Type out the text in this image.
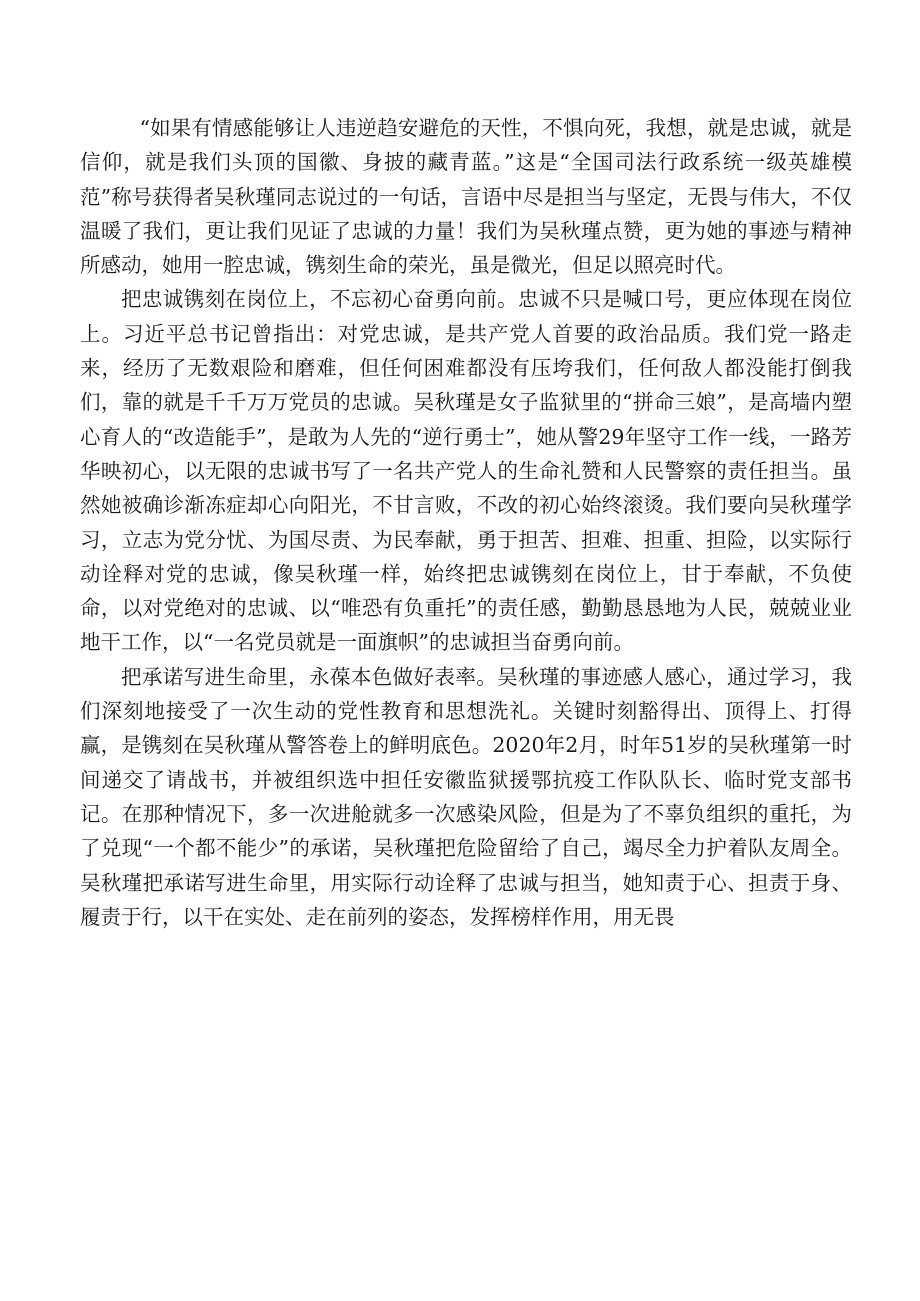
“如果有情感能够让人违逆趋安避危的天性，不惧向死，我想，就是忠诚，就是信仰，就是我们头顶的国徽、身披的藏青蓝。”这是“全国司法行政系统一级英雄模范”称号获得者吴秋瑾同志说过的一句话，言语中尽是担当与坚定，无畏与伟大，不仅温暖了我们，更让我们见证了忠诚的力量！我们为吴秋瑾点赞，更为她的事迹与精神所感动，她用一腔忠诚，镌刻生命的荣光，虽是微光，但足以照亮时代。

把忠诚镌刻在岗位上，不忘初心奋勇向前。忠诚不只是喊口号，更应体现在岗位上。习近平总书记曾指出：对党忠诚，是共产党人首要的政治品质。我们党一路走来，经历了无数艰险和磨难，但任何困难都没有压垮我们，任何敌人都没能打倒我们，靠的就是千千万万党员的忠诚。吴秋瑾是女子监狱里的“拼命三娘”，是高墙内塑心育人的“改造能手”，是敢为人先的“逆行勇士”，她从警29年坚守工作一线，一路芳华映初心，以无限的忠诚书写了一名共产党人的生命礼赞和人民警察的责任担当。虽然她被确诊渐冻症却心向阳光，不甘言败，不改的初心始终滚烫。我们要向吴秋瑾学习，立志为党分忧、为国尽责、为民奉献，勇于担苦、担难、担重、担险，以实际行动诠释对党的忠诚，像吴秋瑾一样，始终把忠诚镌刻在岗位上，甘于奉献，不负使命，以对党绝对的忠诚、以“唯恐有负重托”的责任感，勤勤恳恳地为人民，兢兢业业地干工作，以“一名党员就是一面旗帜”的忠诚担当奋勇向前。

把承诺写进生命里，永葆本色做好表率。吴秋瑾的事迹感人感心，通过学习，我们深刻地接受了一次生动的党性教育和思想洗礼。关键时刻豁得出、顶得上、打得赢，是镌刻在吴秋瑾从警答卷上的鲜明底色。2020年2月，时年51岁的吴秋瑾第一时间递交了请战书，并被组织选中担任安徽监狱援鄂抗疫工作队队长、临时党支部书记。在那种情况下，多一次进舱就多一次感染风险，但是为了不辜负组织的重托，为了兑现“一个都不能少”的承诺，吴秋瑾把危险留给了自己，竭尽全力护着队友周全。吴秋瑾把承诺写进生命里，用实际行动诠释了忠诚与担当，她知责于心、担责于身、履责于行，以干在实处、走在前列的姿态，发挥榜样作用，用无畏
